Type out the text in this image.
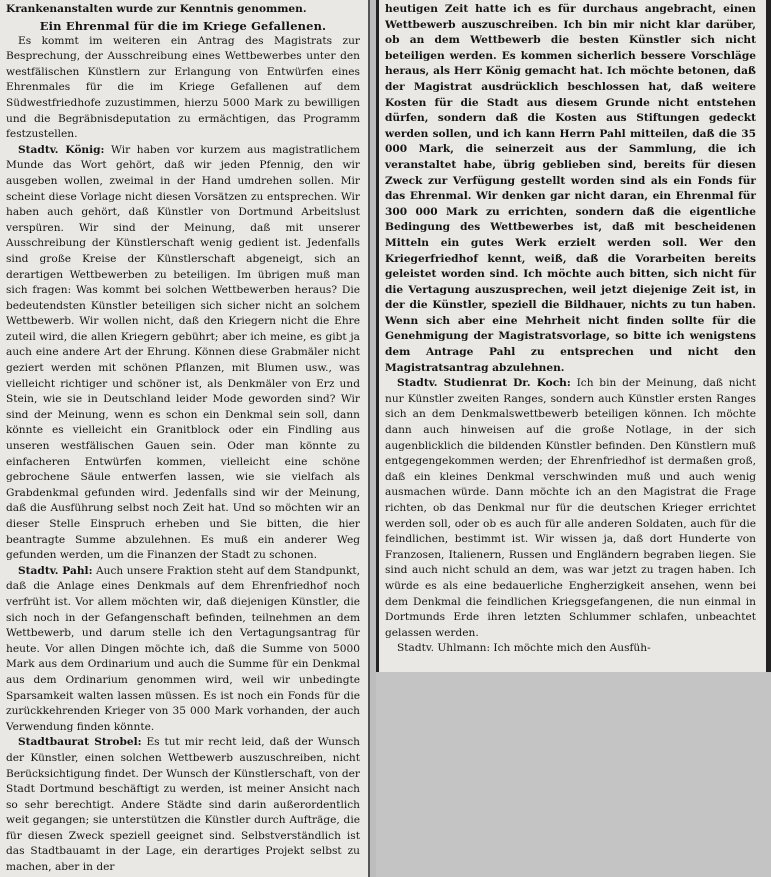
Krankenanstalten wurde zur Kenntnis genommen.

Ein Ehrenmal für die im Kriege Gefallenen.

Es kommt im weiteren ein Antrag des Magistrats zur Besprechung, der Ausschreibung eines Wettbewerbes unter den westfälischen Künstlern zur Erlangung von Entwürfen eines Ehrenmales für die im Kriege Gefallenen auf dem Südwestfriedhofe zuzustimmen, hierzu 5000 Mark zu bewilligen und die Begräbnisdeputation zu ermächtigen, das Programm festzustellen.

Stadtv. König: Wir haben vor kurzem aus magistratlichem Munde das Wort gehört, daß wir jeden Pfennig, den wir ausgeben wollen, zweimal in der Hand umdrehen sollen. Mir scheint diese Vorlage nicht diesen Vorsätzen zu entsprechen. Wir haben auch gehört, daß Künstler von Dortmund Arbeitslust verspüren. Wir sind der Meinung, daß mit unserer Ausschreibung der Künstlerschaft wenig gedient ist. Jedenfalls sind große Kreise der Künstlerschaft abgeneigt, sich an derartigen Wettbewerben zu beteiligen. Im übrigen muß man sich fragen: Was kommt bei solchen Wettbewerben heraus? Die bedeutendsten Künstler beteiligen sich sicher nicht an solchem Wettbewerb. Wir wollen nicht, daß den Kriegern nicht die Ehre zuteil wird, die allen Kriegern gebührt; aber ich meine, es gibt ja auch eine andere Art der Ehrung. Können diese Grabmäler nicht geziert werden mit schönen Pflanzen, mit Blumen usw., was vielleicht richtiger und schöner ist, als Denkmäler von Erz und Stein, wie sie in Deutschland leider Mode geworden sind? Wir sind der Meinung, wenn es schon ein Denkmal sein soll, dann könnte es vielleicht ein Granitblock oder ein Findling aus unseren westfälischen Gauen sein. Oder man könnte zu einfacheren Entwürfen kommen, vielleicht eine schöne gebrochene Säule entwerfen lassen, wie sie vielfach als Grabdenkmal gefunden wird. Jedenfalls sind wir der Meinung, daß die Ausführung selbst noch Zeit hat. Und so möchten wir an dieser Stelle Einspruch erheben und Sie bitten, die hier beantragte Summe abzulehnen. Es muß ein anderer Weg gefunden werden, um die Finanzen der Stadt zu schonen.

Stadtv. Pahl: Auch unsere Fraktion steht auf dem Standpunkt, daß die Anlage eines Denkmals auf dem Ehrenfriedhof noch verfrüht ist. Vor allem möchten wir, daß diejenigen Künstler, die sich noch in der Gefangenschaft befinden, teilnehmen an dem Wettbewerb, und darum stelle ich den Vertagungsantrag für heute. Vor allen Dingen möchte ich, daß die Summe von 5000 Mark aus dem Ordinarium und auch die Summe für ein Denkmal aus dem Ordinarium genommen wird, weil wir unbedingte Sparsamkeit walten lassen müssen. Es ist noch ein Fonds für die zurückkehrenden Krieger von 35 000 Mark vorhanden, der auch Verwendung finden könnte.

Stadtbaurat Strobel: Es tut mir recht leid, daß der Wunsch der Künstler, einen solchen Wettbewerb auszuschreiben, nicht Berücksichtigung findet. Der Wunsch der Künstlerschaft, von der Stadt Dortmund beschäftigt zu werden, ist meiner Ansicht nach so sehr berechtigt. Andere Städte sind darin außerordentlich weit gegangen; sie unterstützen die Künstler durch Aufträge, die für diesen Zweck speziell geeignet sind. Selbstverständlich ist das Stadtbauamt in der Lage, ein derartiges Projekt selbst zu machen, aber in der

heutigen Zeit hatte ich es für durchaus angebracht, einen Wettbewerb auszuschreiben. Ich bin mir nicht klar darüber, ob an dem Wettbewerb die besten Künstler sich nicht beteiligen werden. Es kommen sicherlich bessere Vorschläge heraus, als Herr König gemacht hat. Ich möchte betonen, daß der Magistrat ausdrücklich beschlossen hat, daß weitere Kosten für die Stadt aus diesem Grunde nicht entstehen dürfen, sondern daß die Kosten aus Stiftungen gedeckt werden sollen, und ich kann Herrn Pahl mitteilen, daß die 35 000 Mark, die seinerzeit aus der Sammlung, die ich veranstaltet habe, übrig geblieben sind, bereits für diesen Zweck zur Verfügung gestellt worden sind als ein Fonds für das Ehrenmal. Wir denken gar nicht daran, ein Ehrenmal für 300 000 Mark zu errichten, sondern daß die eigentliche Bedingung des Wettbewerbes ist, daß mit bescheidenen Mitteln ein gutes Werk erzielt werden soll. Wer den Kriegerfriedhof kennt, weiß, daß die Vorarbeiten bereits geleistet worden sind. Ich möchte auch bitten, sich nicht für die Vertagung auszusprechen, weil jetzt diejenige Zeit ist, in der die Künstler, speziell die Bildhauer, nichts zu tun haben. Wenn sich aber eine Mehrheit nicht finden sollte für die Genehmigung der Magistratsvorlage, so bitte ich wenigstens dem Antrage Pahl zu entsprechen und nicht den Magistratsantrag abzulehnen.

Stadtv. Studienrat Dr. Koch: Ich bin der Meinung, daß nicht nur Künstler zweiten Ranges, sondern auch Künstler ersten Ranges sich an dem Denkmalswettbewerb beteiligen können. Ich möchte dann auch hinweisen auf die große Notlage, in der sich augenblicklich die bildenden Künstler befinden. Den Künstlern muß entgegengekommen werden; der Ehrenfriedhof ist dermaßen groß, daß ein kleines Denkmal verschwinden muß und auch wenig ausmachen würde. Dann möchte ich an den Magistrat die Frage richten, ob das Denkmal nur für die deutschen Krieger errichtet werden soll, oder ob es auch für alle anderen Soldaten, auch für die feindlichen, bestimmt ist. Wir wissen ja, daß dort Hunderte von Franzosen, Italienern, Russen und Engländern begraben liegen. Sie sind auch nicht schuld an dem, was war jetzt zu tragen haben. Ich würde es als eine bedauerliche Engherzigkeit ansehen, wenn bei dem Denkmal die feindlichen Kriegsgefangenen, die nun einmal in Dortmunds Erde ihren letzten Schlummer schlafen, unbeachtet gelassen werden.

Stadtv. Uhlmann: Ich möchte mich den Ausfüh-
